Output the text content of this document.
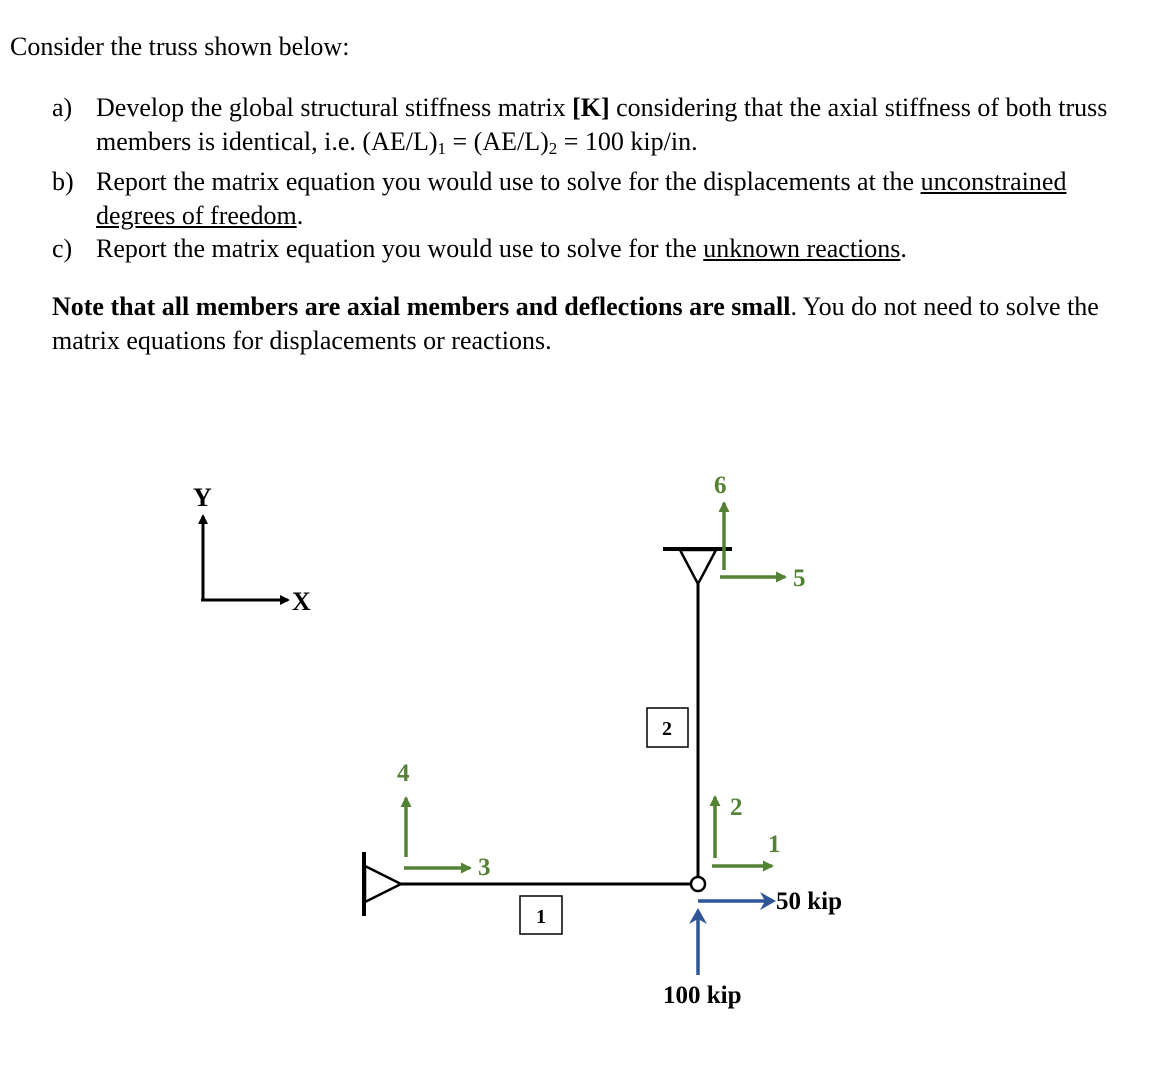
Consider the truss shown below:

a) Develop the global structural stiffness matrix [K] considering that the axial stiffness of both truss members is identical, i.e. $(AE/L)_1 = (AE/L)_2 = 100$ kip/in.
b) Report the matrix equation you would use to solve for the displacements at the unconstrained degrees of freedom.
c) Report the matrix equation you would use to solve for the unknown reactions.

Note that all members are axial members and deflections are small. You do not need to solve the matrix equations for displacements or reactions.

Y
X
1
2
1
2
3
4
5
6
50 kip
100 kip
